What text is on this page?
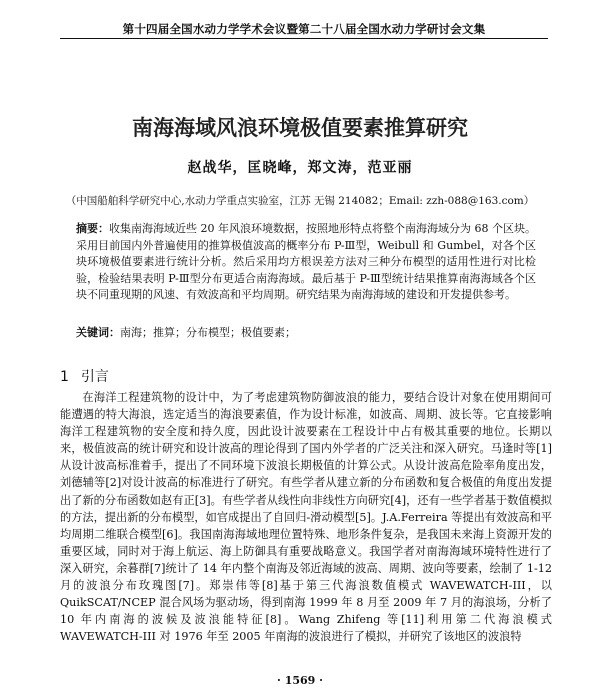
第十四届全国水动力学学术会议暨第二十八届全国水动力学研讨会文集
南海海域风浪环境极值要素推算研究
赵战华，匡晓峰，郑文涛，范亚丽
（中国船舶科学研究中心,水动力学重点实验室，江苏 无锡 214082；Email: zzh-088@163.com）
摘要：收集南海海域近些 20 年风浪环境数据，按照地形特点将整个南海海域分为 68 个区块。采用目前国内外普遍使用的推算极值波高的概率分布 P-Ⅲ型，Weibull 和 Gumbel，对各个区块环境极值要素进行统计分析。然后采用均方根误差方法对三种分布模型的适用性进行对比检验，检验结果表明 P-Ⅲ型分布更适合南海海域。最后基于 P-Ⅲ型统计结果推算南海海域各个区块不同重现期的风速、有效波高和平均周期。研究结果为南海海域的建设和开发提供参考。
关键词：南海；推算；分布模型；极值要素；
1 引言
在海洋工程建筑物的设计中，为了考虑建筑物防御波浪的能力，要结合设计对象在使用期间可能遭遇的特大海浪，选定适当的海浪要素值，作为设计标准，如波高、周期、波长等。它直接影响海洋工程建筑物的安全度和持久度，因此设计波要素在工程设计中占有极其重要的地位。长期以来，极值波高的统计研究和设计波高的理论得到了国内外学者的广泛关注和深入研究。马逢时等[1]从设计波高标准着手，提出了不同环境下波浪长期极值的计算公式。从设计波高危险率角度出发，刘德辅等[2]对设计波高的标准进行了研究。有些学者从建立新的分布函数和复合极值的角度出发提出了新的分布函数如赵有正[3]。有些学者从线性向非线性方向研究[4]，还有一些学者基于数值模拟的方法，提出新的分布模型，如官成提出了自回归-滑动模型[5]。J.A.Ferreira 等提出有效波高和平均周期二维联合模型[6]。我国南海海域地理位置特殊、地形条件复杂，是我国未来海上资源开发的重要区域，同时对于海上航运、海上防御具有重要战略意义。我国学者对南海海域环境特性进行了深入研究，余暮群[7]统计了 14 年内整个南海及邻近海域的波高、周期、波向等要素，绘制了 1-12 月的波浪分布玫瑰图[7]。郑崇伟等[8]基于第三代海浪数值模式 WAVEWATCH-III，以 QuikSCAT/NCEP 混合风场为驱动场，得到南海 1999 年 8 月至 2009 年 7 月的海浪场，分析了 10 年内南海的波候及波浪能特征[8]。Wang Zhifeng 等[11]利用第二代海浪模式 WAVEWATCH-III 对 1976 年至 2005 年南海的波浪进行了模拟，并研究了该地区的波浪特
· 1569 ·
